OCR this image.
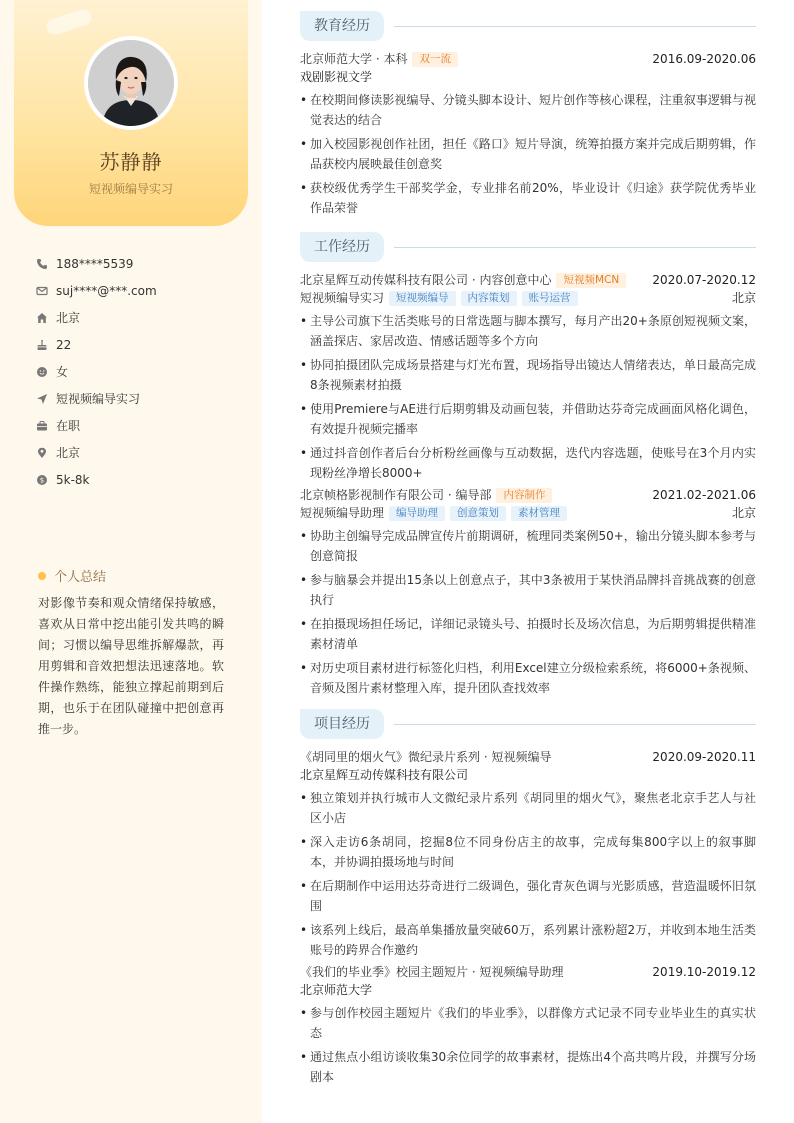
苏静静
短视频编导实习
188****5539
suj****@***.com
北京
22
女
短视频编导实习
在职
北京
$ 5k-8k
个人总结
对影像节奏和观众情绪保持敏感，喜欢从日常中挖出能引发共鸣的瞬间；习惯以编导思维拆解爆款，再用剪辑和音效把想法迅速落地。软件操作熟练，能独立撑起前期到后期，也乐于在团队碰撞中把创意再推一步。
教育经历
北京师范大学 · 本科	双一流	2016.09-2020.06
戏剧影视文学
• 在校期间修读影视编导、分镜头脚本设计、短片创作等核心课程，注重叙事逻辑与视觉表达的结合
• 加入校园影视创作社团，担任《路口》短片导演，统筹拍摄方案并完成后期剪辑，作品获校内展映最佳创意奖
• 获校级优秀学生干部奖学金，专业排名前20%，毕业设计《归途》获学院优秀毕业作品荣誉
工作经历
北京星辉互动传媒科技有限公司 · 内容创意中心	短视频MCN	2020.07-2020.12
短视频编导实习	短视频编导	内容策划	账号运营	北京
• 主导公司旗下生活类账号的日常选题与脚本撰写，每月产出20+条原创短视频文案，涵盖探店、家居改造、情感话题等多个方向
• 协同拍摄团队完成场景搭建与灯光布置，现场指导出镜达人情绪表达，单日最高完成8条视频素材拍摄
• 使用Premiere与AE进行后期剪辑及动画包装，并借助达芬奇完成画面风格化调色，有效提升视频完播率
• 通过抖音创作者后台分析粉丝画像与互动数据，迭代内容选题，使账号在3个月内实现粉丝净增长8000+
北京帧格影视制作有限公司 · 编导部	内容制作	2021.02-2021.06
短视频编导助理	编导助理	创意策划	素材管理	北京
• 协助主创编导完成品牌宣传片前期调研，梳理同类案例50+，输出分镜头脚本参考与创意简报
• 参与脑暴会并提出15条以上创意点子，其中3条被用于某快消品牌抖音挑战赛的创意执行
• 在拍摄现场担任场记，详细记录镜头号、拍摄时长及场次信息，为后期剪辑提供精准素材清单
• 对历史项目素材进行标签化归档，利用Excel建立分级检索系统，将6000+条视频、音频及图片素材整理入库，提升团队查找效率
项目经历
《胡同里的烟火气》微纪录片系列 · 短视频编导	2020.09-2020.11
北京星辉互动传媒科技有限公司
• 独立策划并执行城市人文微纪录片系列《胡同里的烟火气》，聚焦老北京手艺人与社区小店
• 深入走访6条胡同，挖掘8位不同身份店主的故事，完成每集800字以上的叙事脚本，并协调拍摄场地与时间
• 在后期制作中运用达芬奇进行二级调色，强化青灰色调与光影质感，营造温暖怀旧氛围
• 该系列上线后，最高单集播放量突破60万，系列累计涨粉超2万，并收到本地生活类账号的跨界合作邀约
《我们的毕业季》校园主题短片 · 短视频编导助理	2019.10-2019.12
北京师范大学
• 参与创作校园主题短片《我们的毕业季》，以群像方式记录不同专业毕业生的真实状态
• 通过焦点小组访谈收集30余位同学的故事素材，提炼出4个高共鸣片段，并撰写分场剧本
